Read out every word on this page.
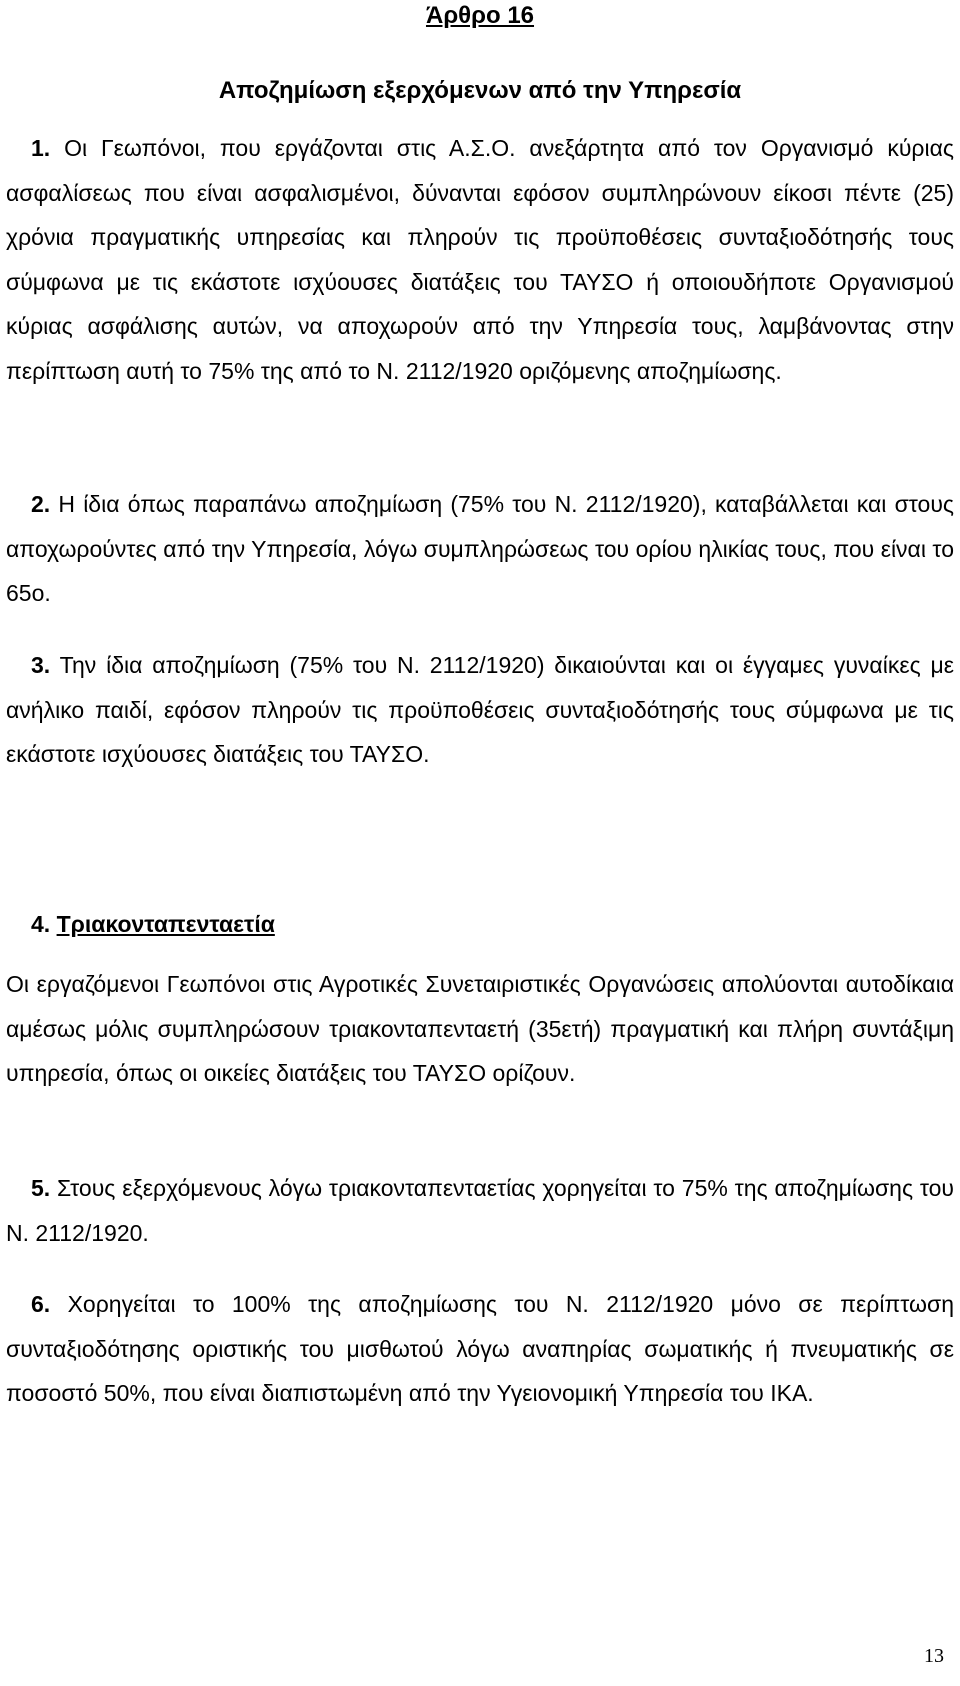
Άρθρο 16
Αποζημίωση εξερχόμενων από την Υπηρεσία

1. Οι Γεωπόνοι, που εργάζονται στις Α.Σ.Ο. ανεξάρτητα από τον Οργανισμό κύριας ασφαλίσεως που είναι ασφαλισμένοι, δύνανται εφόσον συμπληρώνουν είκοσι πέντε (25) χρόνια πραγματικής υπηρεσίας και πληρούν τις προϋποθέσεις συνταξιοδότησής τους σύμφωνα με τις εκάστοτε ισχύουσες διατάξεις του ΤΑΥΣΟ ή οποιουδήποτε Οργανισμού κύριας ασφάλισης αυτών, να αποχωρούν από την Υπηρεσία τους, λαμβάνοντας στην περίπτωση αυτή το 75% της από το Ν. 2112/1920 οριζόμενης αποζημίωσης.

2. Η ίδια όπως παραπάνω αποζημίωση (75% του Ν. 2112/1920), καταβάλλεται και στους αποχωρούντες από την Υπηρεσία, λόγω συμπληρώσεως του ορίου ηλικίας τους, που είναι το 65ο.

3. Την ίδια αποζημίωση (75% του Ν. 2112/1920) δικαιούνται και οι έγγαμες γυναίκες με ανήλικο παιδί, εφόσον πληρούν τις προϋποθέσεις συνταξιοδότησής τους σύμφωνα με τις εκάστοτε ισχύουσες διατάξεις του ΤΑΥΣΟ.

4. Τριακονταπενταετία

Οι εργαζόμενοι Γεωπόνοι στις Αγροτικές Συνεταιριστικές Οργανώσεις απολύονται αυτοδίκαια αμέσως μόλις συμπληρώσουν τριακονταπενταετή (35ετή) πραγματική και πλήρη συντάξιμη υπηρεσία, όπως οι οικείες διατάξεις του ΤΑΥΣΟ ορίζουν.

5. Στους εξερχόμενους λόγω τριακονταπενταετίας χορηγείται το 75% της αποζημίωσης του Ν. 2112/1920.

6. Χορηγείται το 100% της αποζημίωσης του Ν. 2112/1920 μόνο σε περίπτωση συνταξιοδότησης οριστικής του μισθωτού λόγω αναπηρίας σωματικής ή πνευματικής σε ποσοστό 50%, που είναι διαπιστωμένη από την Υγειονομική Υπηρεσία του ΙΚΑ.

13
